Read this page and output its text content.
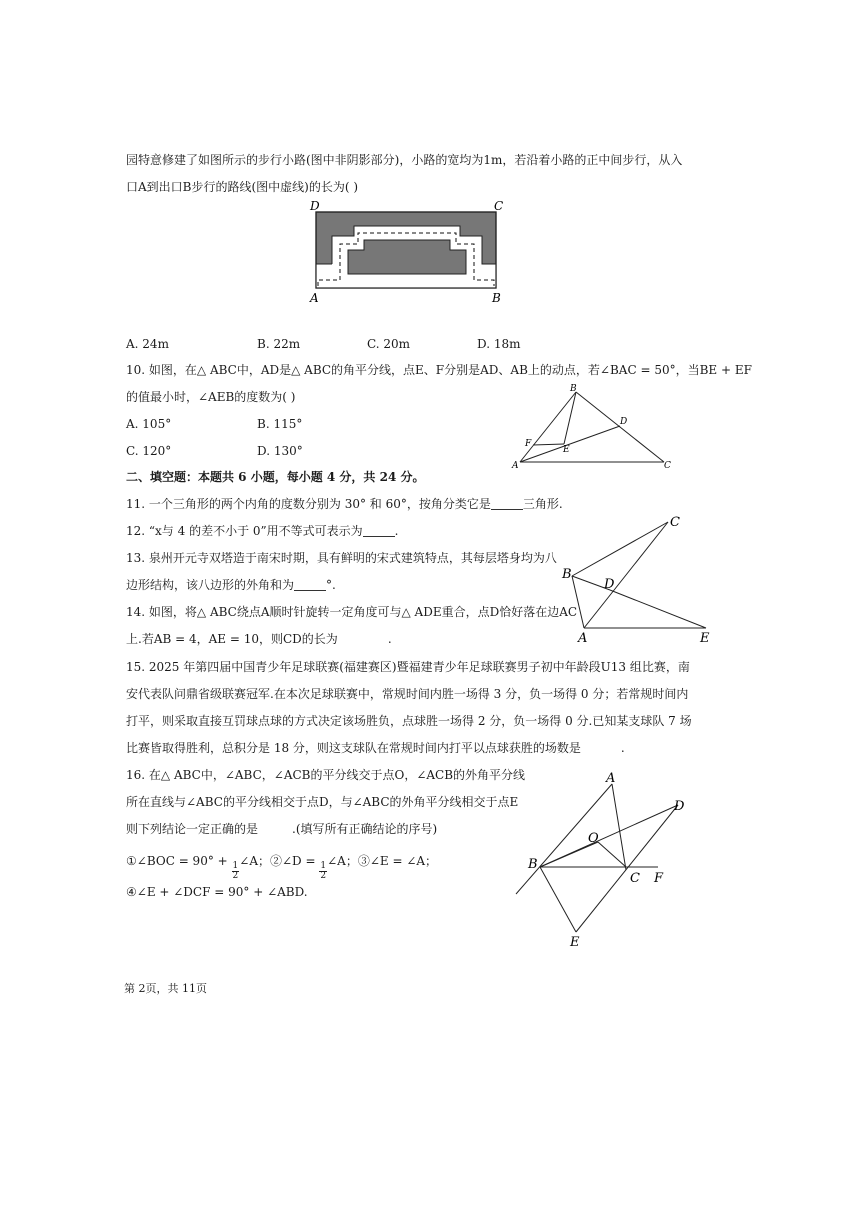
园特意修建了如图所示的步行小路(图中非阴影部分)，小路的宽均为1m，若沿着小路的正中间步行，从入
口A到出口B步行的路线(图中虚线)的长为( )
D	C
A	B
A. 24m	B. 22m	C. 20m	D. 18m
10. 如图，在△ ABC中，AD是△ ABC的角平分线，点E、F分别是AD、AB上的动点，若∠BAC = 50°，当BE + EF
的值最小时，∠AEB的度数为( )
A. 105°	B. 115°
C. 120°	D. 130°
B
D
F
E
A	C
二、填空题：本题共 6 小题，每小题 4 分，共 24 分。
11. 一个三角形的两个内角的度数分别为 30° 和 60°，按角分类它是	三角形.
12. “x与 4 的差不小于 0”用不等式可表示为	.
13. 泉州开元寺双塔造于南宋时期，具有鲜明的宋式建筑特点，其每层塔身均为八
边形结构，该八边形的外角和为	°.
14. 如图，将△ ABC绕点A顺时针旋转一定角度可与△ ADE重合，点D恰好落在边AC
上.若AB = 4，AE = 10，则CD的长为	.
C
B
D
A	E
15. 2025 年第四届中国青少年足球联赛(福建赛区)暨福建青少年足球联赛男子初中年龄段U13 组比赛，南
安代表队问鼎省级联赛冠军.在本次足球联赛中，常规时间内胜一场得 3 分，负一场得 0 分；若常规时间内
打平，则采取直接互罚球点球的方式决定该场胜负，点球胜一场得 2 分，负一场得 0 分.已知某支球队 7 场
比赛皆取得胜利，总积分是 18 分，则这支球队在常规时间内打平以点球获胜的场数是	.
16. 在△ ABC中，∠ABC，∠ACB的平分线交于点O，∠ACB的外角平分线
所在直线与∠ABC的平分线相交于点D，与∠ABC的外角平分线相交于点E
则下列结论一定正确的是	.(填写所有正确结论的序号)
①∠BOC = 90° +
$\frac{1}{2}$
∠A；②∠D =
$\frac{1}{2}$
∠A；③∠E = ∠A；
④∠E + ∠DCF = 90° + ∠ABD.
A
D
O
B
C F
E
第 2页，共 11页
